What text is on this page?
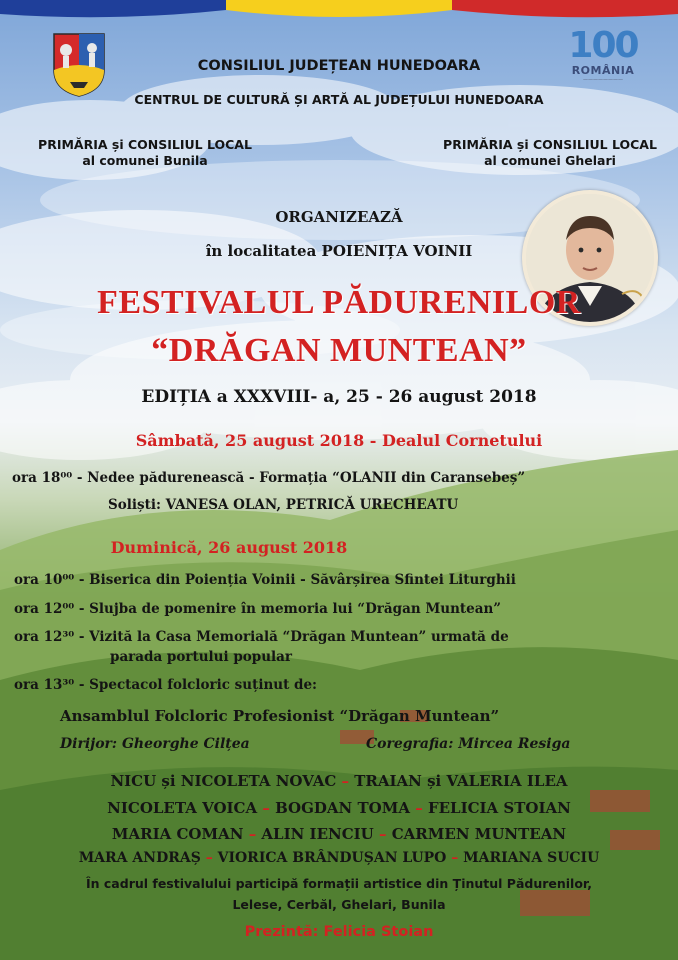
100
ROMÂNIA
————————
CONSILIUL JUDEȚEAN HUNEDOARA
CENTRUL DE CULTURĂ ȘI ARTĂ AL JUDEȚULUI HUNEDOARA
PRIMĂRIA și CONSILIUL LOCAL
al comunei Bunila
PRIMĂRIA și CONSILIUL LOCAL
al comunei Ghelari
ORGANIZEAZĂ
în localitatea POIENIȚA VOINII
FESTIVALUL PĂDURENILOR
“DRĂGAN MUNTEAN”
EDIȚIA a XXXVIII- a, 25 - 26 august 2018
Sâmbată, 25 august 2018 - Dealul Cornetului
ora 18⁰⁰ - Nedee pădurenească - Formația “OLANII din Caransebeș”
Soliști: VANESA OLAN, PETRICĂ URECHEATU
Duminică, 26 august 2018
ora 10⁰⁰ - Biserica din Poienția Voinii - Săvârșirea Sfintei Liturghii
ora 12⁰⁰ - Slujba de pomenire în memoria lui “Drăgan Muntean”
ora 12³⁰ - Vizită la Casa Memorială “Drăgan Muntean” urmată de
parada portului popular
ora 13³⁰ - Spectacol folcloric suținut de:
Ansamblul Folcloric Profesionist “Drăgan Muntean”
Dirijor: Gheorghe Cilțea	Coregrafia: Mircea Resiga
NICU și NICOLETA NOVAC – TRAIAN și VALERIA ILEA
NICOLETA VOICA – BOGDAN TOMA – FELICIA STOIAN
MARIA COMAN – ALIN IENCIU – CARMEN MUNTEAN
MARA ANDRAȘ – VIORICA BRÂNDUȘAN LUPO – MARIANA SUCIU
În cadrul festivalului participă formații artistice din Ținutul Pădurenilor,
Lelese, Cerbăl, Ghelari, Bunila
Prezintă: Felicia Stoian
